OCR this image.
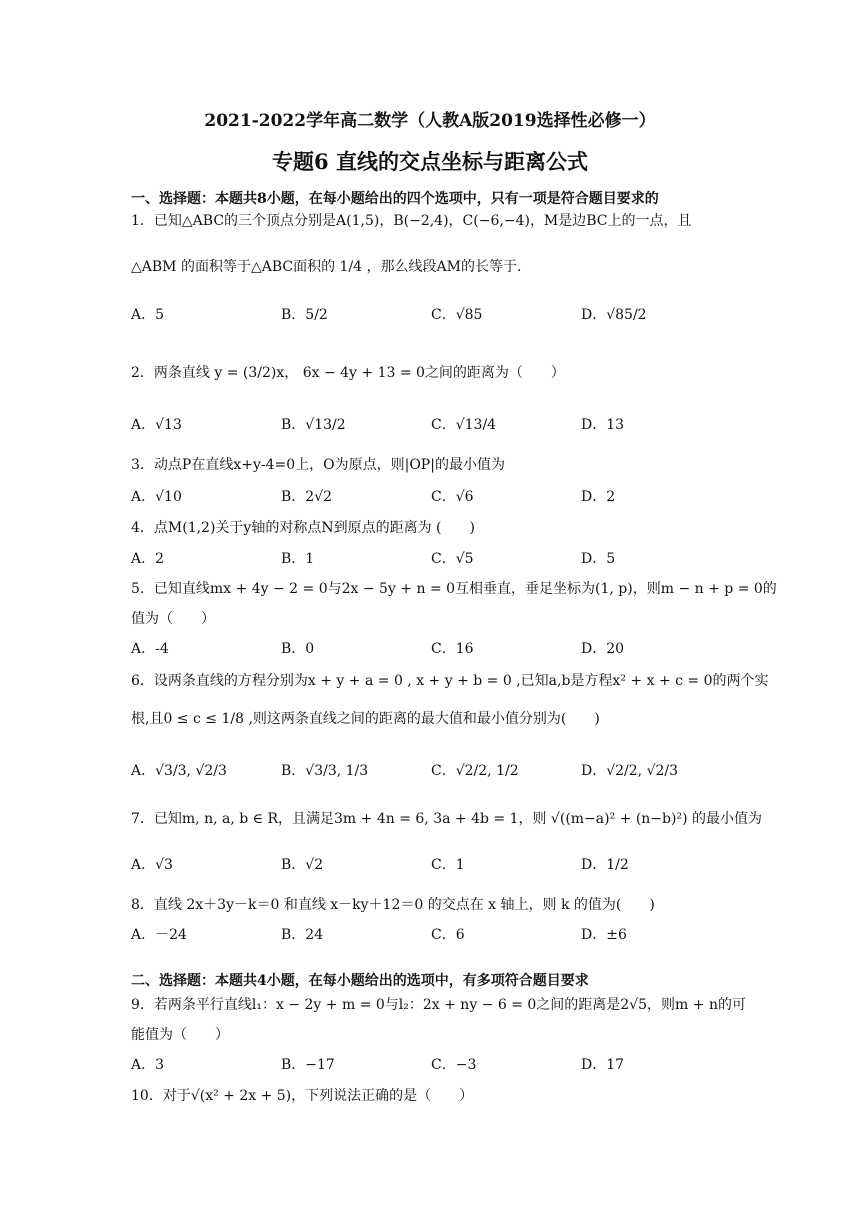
2021-2022学年高二数学（人教A版2019选择性必修一）
专题6 直线的交点坐标与距离公式
一、选择题：本题共8小题，在每小题给出的四个选项中，只有一项是符合题目要求的
1．已知△ABC的三个顶点分别是A(1,5)，B(−2,4)，C(−6,−4)，M是边BC上的一点，且
△ABM 的面积等于△ABC面积的 1/4 ，那么线段AM的长等于.
A．5	B．5/2	C．√85	D．√85/2
2．两条直线 y = (3/2)x， 6x − 4y + 13 = 0之间的距离为（　　）
A．√13	B．√13/2	C．√13/4	D．13
3．动点P在直线x+y-4=0上，O为原点，则|OP|的最小值为
A．√10	B．2√2	C．√6	D．2
4．点M(1,2)关于y轴的对称点N到原点的距离为 (　　)
A．2	B．1	C．√5	D．5
5．已知直线mx + 4y − 2 = 0与2x − 5y + n = 0互相垂直，垂足坐标为(1, p)，则m − n + p = 0的
值为（　　）
A．-4	B．0	C．16	D．20
6．设两条直线的方程分别为x + y + a = 0 , x + y + b = 0 ,已知a,b是方程x² + x + c = 0的两个实
根,且0 ≤ c ≤ 1/8 ,则这两条直线之间的距离的最大值和最小值分别为(　　)
A．√3/3, √2/3	B．√3/3, 1/3	C．√2/2, 1/2	D．√2/2, √2/3
7．已知m, n, a, b ∈ R，且满足3m + 4n = 6, 3a + 4b = 1，则 √((m−a)² + (n−b)²) 的最小值为
A．√3	B．√2	C．1	D．1/2
8．直线 2x＋3y－k＝0 和直线 x－ky＋12＝0 的交点在 x 轴上，则 k 的值为(　　)
A．－24	B．24	C．6	D．±6
二、选择题：本题共4小题，在每小题给出的选项中，有多项符合题目要求
9．若两条平行直线l₁：x − 2y + m = 0与l₂：2x + ny − 6 = 0之间的距离是2√5，则m + n的可
能值为（　　）
A．3	B．−17	C．−3	D．17
10．对于√(x² + 2x + 5)，下列说法正确的是（　　）
